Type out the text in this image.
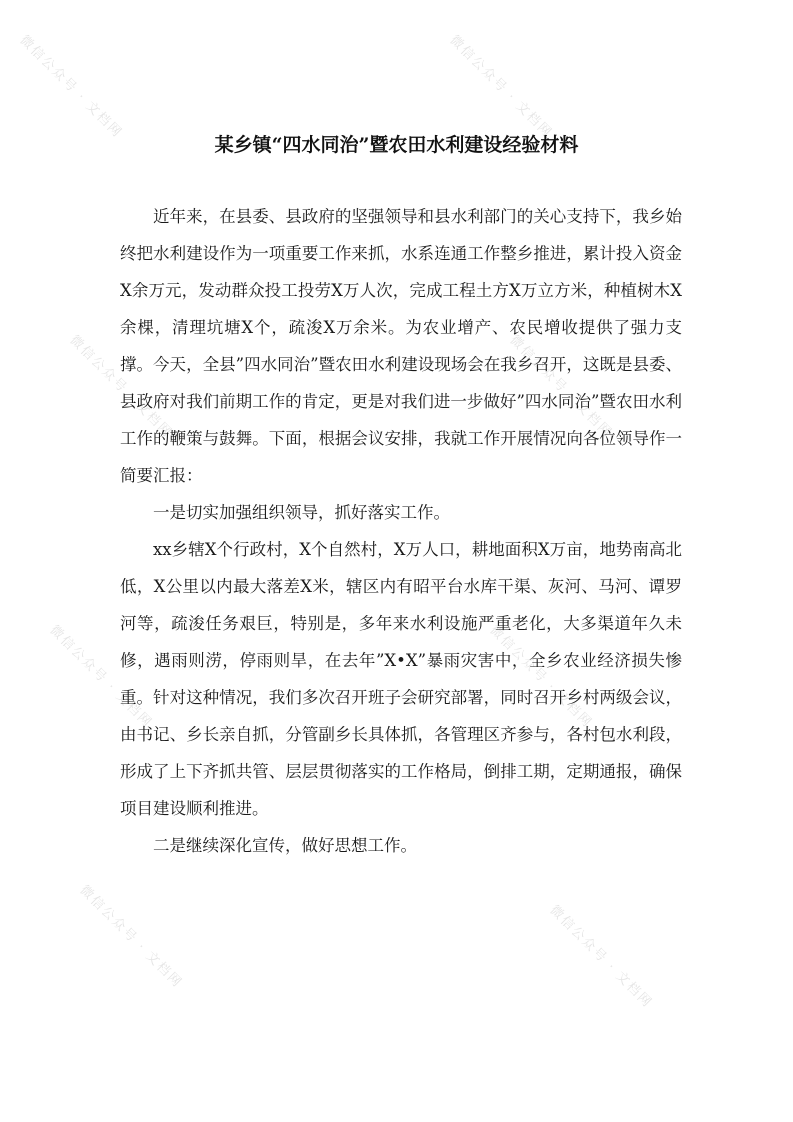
微信公众号 · 文档网	微信公众号 · 文档网
微信公众号 · 文档网	微信公众号 · 文档网
微信公众号 · 文档网	微信公众号 · 文档网
微信公众号 · 文档网	微信公众号 · 文档网
某乡镇“四水同治”暨农田水利建设经验材料

近年来，在县委、县政府的坚强领导和县水利部门的关心支持下，我乡始终把水利建设作为一项重要工作来抓，水系连通工作整乡推进，累计投入资金X余万元，发动群众投工投劳X万人次，完成工程土方X万立方米，种植树木X余棵，清理坑塘X个，疏浚X万余米。为农业增产、农民增收提供了强力支撑。今天，全县”四水同治”暨农田水利建设现场会在我乡召开，这既是县委、县政府对我们前期工作的肯定，更是对我们进一步做好”四水同治”暨农田水利工作的鞭策与鼓舞。下面，根据会议安排，我就工作开展情况向各位领导作一简要汇报：

一是切实加强组织领导，抓好落实工作。

xx乡辖X个行政村，X个自然村，X万人口，耕地面积X万亩，地势南高北低，X公里以内最大落差X米，辖区内有昭平台水库干渠、灰河、马河、谭罗河等，疏浚任务艰巨，特别是，多年来水利设施严重老化，大多渠道年久未修，遇雨则涝，停雨则旱，在去年”X•X”暴雨灾害中，全乡农业经济损失惨重。针对这种情况，我们多次召开班子会研究部署，同时召开乡村两级会议，由书记、乡长亲自抓，分管副乡长具体抓，各管理区齐参与，各村包水利段，形成了上下齐抓共管、层层贯彻落实的工作格局，倒排工期，定期通报，确保项目建设顺利推进。

二是继续深化宣传，做好思想工作。
